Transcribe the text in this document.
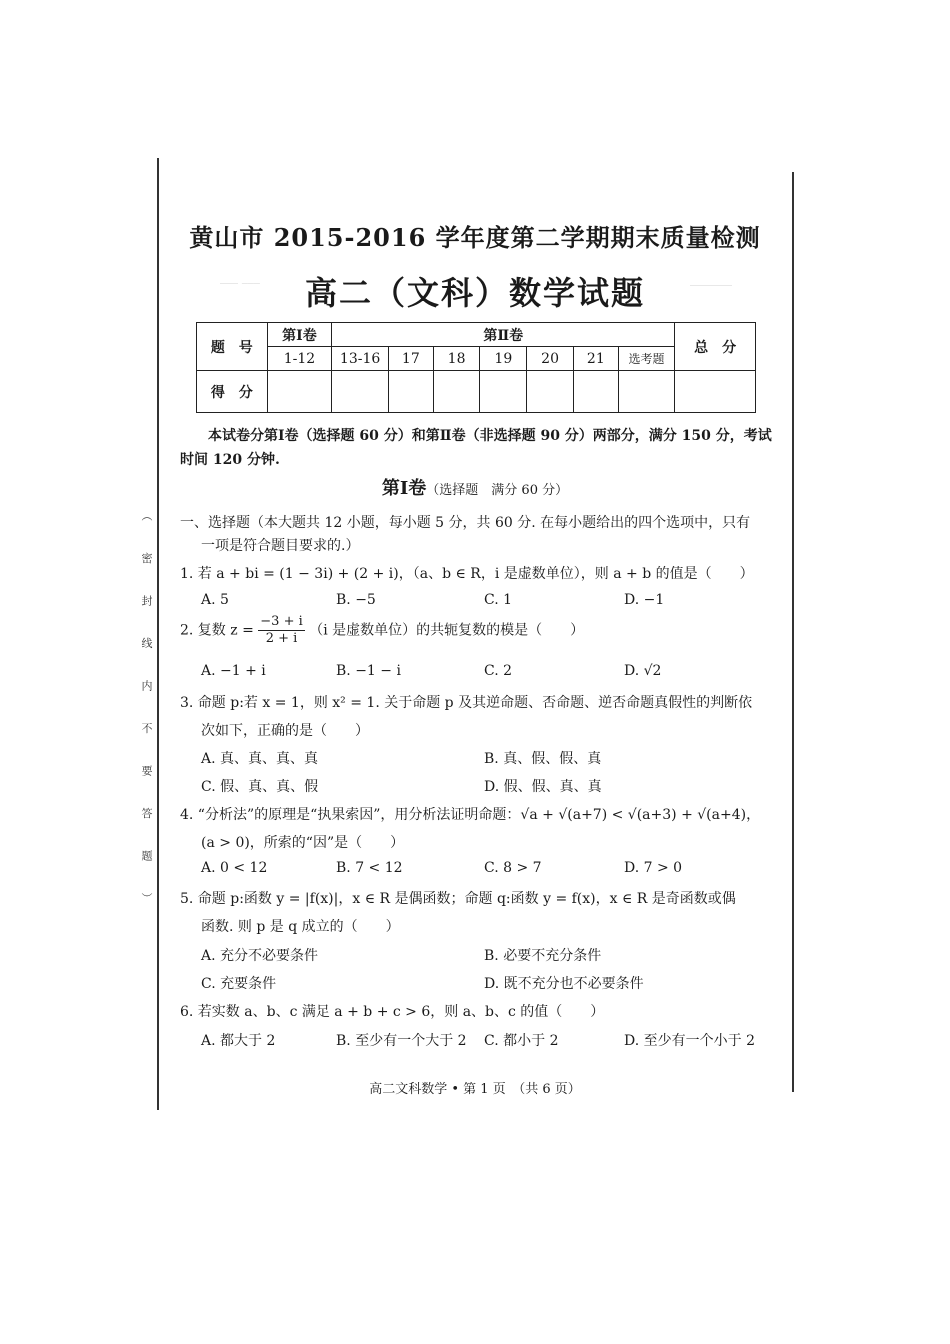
（ 密 封 线 内 不 要 答 题 ）
_______
___ ___
黄山市 2015-2016 学年度第二学期期末质量检测
高二（文科）数学试题
题　号	第Ⅰ卷	第Ⅱ卷							总　分
	1-12	13-16	17	18	19	20	21	选考题	
得　分									
本试卷分第Ⅰ卷（选择题 60 分）和第Ⅱ卷（非选择题 90 分）两部分，满分 150 分，考试时间 120 分钟.
第Ⅰ卷（选择题　满分 60 分）
一、选择题（本大题共 12 小题，每小题 5 分，共 60 分. 在每小题给出的四个选项中，只有
一项是符合题目要求的.）
1. 若 a + bi = (1 − 3i) + (2 + i)，（a、b ∈ R，i 是虚数单位），则 a + b 的值是（　　）
A. 5	B. −5	C. 1	D. −1
2. 复数 $z = \frac{-3 + i}{2 + i} (i$ 是虚数单位）的共轭复数的模是（　　）
A. −1 + i	B. −1 − i	C. 2	D. √2
3. 命题 p:若 x = 1，则 x² = 1. 关于命题 p 及其逆命题、否命题、逆否命题真假性的判断依
次如下，正确的是（　　）
A. 真、真、真、真	B. 真、假、假、真
C. 假、真、真、假	D. 假、假、真、真
4. “分析法”的原理是“执果索因”，用分析法证明命题：√a + √(a+7) < √(a+3) + √(a+4)，
(a > 0)，所索的“因”是（　　）
A. 0 < 12	B. 7 < 12	C. 8 > 7	D. 7 > 0
5. 命题 p:函数 y = |f(x)|，x ∈ R 是偶函数；命题 q:函数 y = f(x)，x ∈ R 是奇函数或偶
函数. 则 p 是 q 成立的（　　）
A. 充分不必要条件	B. 必要不充分条件
C. 充要条件	D. 既不充分也不必要条件
6. 若实数 a、b、c 满足 a + b + c > 6，则 a、b、c 的值（　　）
A. 都大于 2	B. 至少有一个大于 2 C. 都小于 2	D. 至少有一个小于 2
高二文科数学 • 第 1 页　（共 6 页）
